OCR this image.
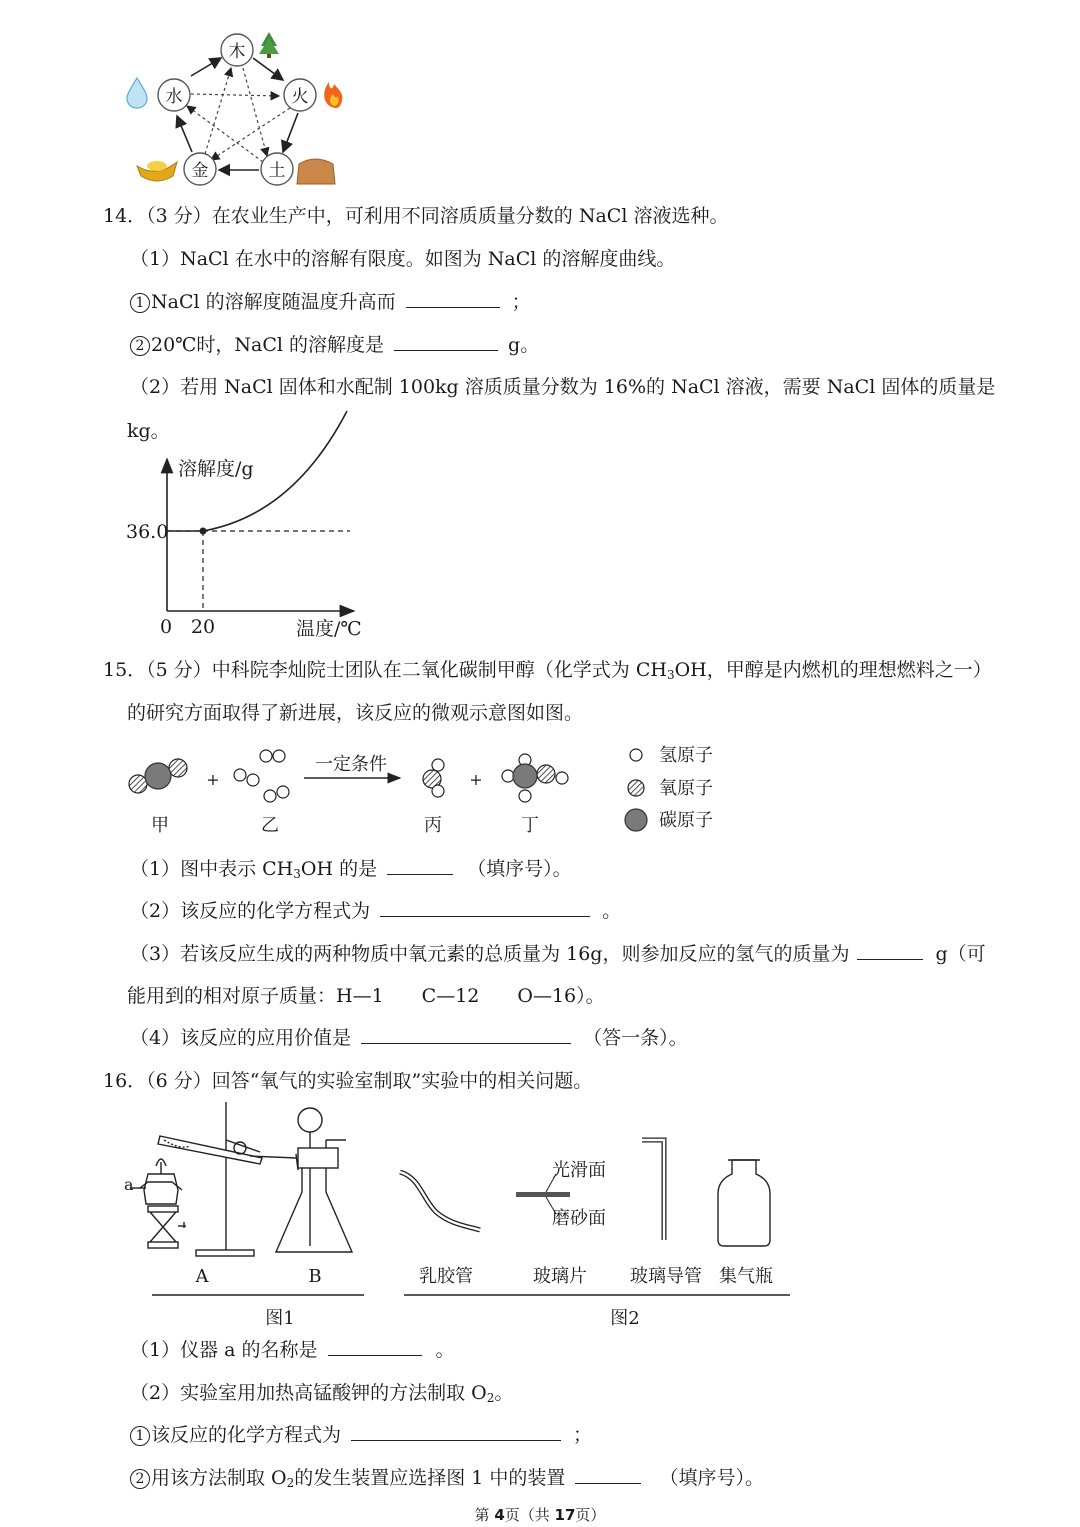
木
火
土
金
水
14．（3 分）在农业生产中，可利用不同溶质质量分数的 NaCl 溶液选种。
（1）NaCl 在水中的溶解有限度。如图为 NaCl 的溶解度曲线。
1 NaCl 的溶解度随温度升高而	；
2 20℃时，NaCl 的溶解度是	g。
（2）若用 NaCl 固体和水配制 100kg 溶质质量分数为 16%的 NaCl 溶液，需要 NaCl 固体的质量是
kg。
溶解度/g
温度/℃
0 20
36.0
15．（5 分）中科院李灿院士团队在二氧化碳制甲醇（化学式为 $CH_3OH$，甲醇是内燃机的理想燃料之一）
的研究方面取得了新进展，该反应的微观示意图如图。
甲
+
乙
一定条件
丙
+
丁
氢原子
氧原子
碳原子
（1）图中表示 $CH_3OH$ 的是	（填序号）。
（2）该反应的化学方程式为	。
（3）若该反应生成的两种物质中氧元素的总质量为 16g，则参加反应的氢气的质量为	g（可
能用到的相对原子质量：H—1　　C—12　　O—16）。
（4）该反应的应用价值是	（答一条）。
16．（6 分）回答“氧气的实验室制取”实验中的相关问题。
a
A	B
图1
乳胶管
光滑面
磨砂面
玻璃片 玻璃导管 集气瓶
图2
（1）仪器 a 的名称是	。
（2）实验室用加热高锰酸钾的方法制取 $O_2$。
1 该反应的化学方程式为	；
2 用该方法制取 $O_2$的发生装置应选择图 1 中的装置	（填序号）。
第 4页（共 17页）
